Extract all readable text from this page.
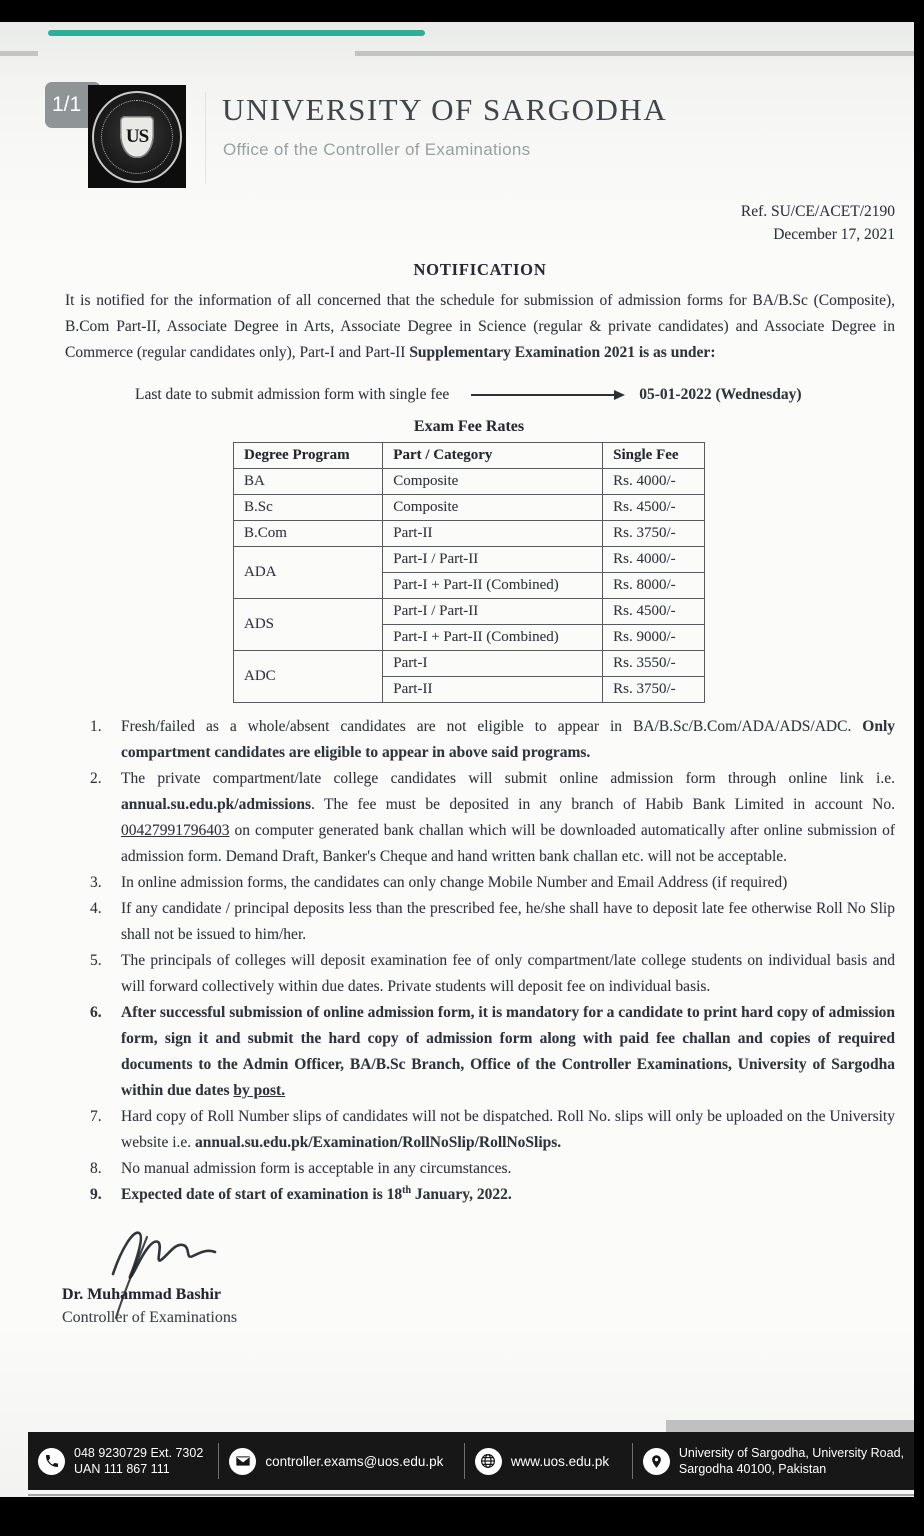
1/1
US
UNIVERSITY OF SARGODHA
Office of the Controller of Examinations
Ref. SU/CE/ACET/2190
December 17, 2021
NOTIFICATION

It is notified for the information of all concerned that the schedule for submission of admission forms for BA/B.Sc (Composite), B.Com Part-II, Associate Degree in Arts, Associate Degree in Science (regular & private candidates) and Associate Degree in Commerce (regular candidates only), Part-I and Part-II Supplementary Examination 2021 is as under:

Last date to submit admission form with single fee	05-01-2022 (Wednesday)
Exam Fee Rates
Degree Program	Part / Category	Single Fee
BA	Composite	Rs. 4000/-
B.Sc	Composite	Rs. 4500/-
B.Com	Part-II	Rs. 3750/-
ADA	Part-I / Part-II	Rs. 4000/-
	Part-I + Part-II (Combined)	Rs. 8000/-
ADS	Part-I / Part-II	Rs. 4500/-
	Part-I + Part-II (Combined)	Rs. 9000/-
ADC	Part-I	Rs. 3550/-
	Part-II	Rs. 3750/-
1.	Fresh/failed as a whole/absent candidates are not eligible to appear in BA/B.Sc/B.Com/ADA/ADS/ADC. Only compartment candidates are eligible to appear in above said programs.
2.	The private compartment/late college candidates will submit online admission form through online link i.e. annual.su.edu.pk/admissions. The fee must be deposited in any branch of Habib Bank Limited in account No. 00427991796403 on computer generated bank challan which will be downloaded automatically after online submission of admission form. Demand Draft, Banker's Cheque and hand written bank challan etc. will not be acceptable.
3.	In online admission forms, the candidates can only change Mobile Number and Email Address (if required)
4.	If any candidate / principal deposits less than the prescribed fee, he/she shall have to deposit late fee otherwise Roll No Slip shall not be issued to him/her.
5.	The principals of colleges will deposit examination fee of only compartment/late college students on individual basis and will forward collectively within due dates. Private students will deposit fee on individual basis.
6.	After successful submission of online admission form, it is mandatory for a candidate to print hard copy of admission form, sign it and submit the hard copy of admission form along with paid fee challan and copies of required documents to the Admin Officer, BA/B.Sc Branch, Office of the Controller Examinations, University of Sargodha within due dates by post.
7.	Hard copy of Roll Number slips of candidates will not be dispatched. Roll No. slips will only be uploaded on the University website i.e. annual.su.edu.pk/Examination/RollNoSlip/RollNoSlips.
8.	No manual admission form is acceptable in any circumstances.
9.	Expected date of start of examination is 18th January, 2022.
Dr. Muhammad Bashir
Controller of Examinations
048 9230729 Ext. 7302
UAN 111 867 111
controller.exams@uos.edu.pk	www.uos.edu.pk
University of Sargodha, University Road,
Sargodha 40100, Pakistan
